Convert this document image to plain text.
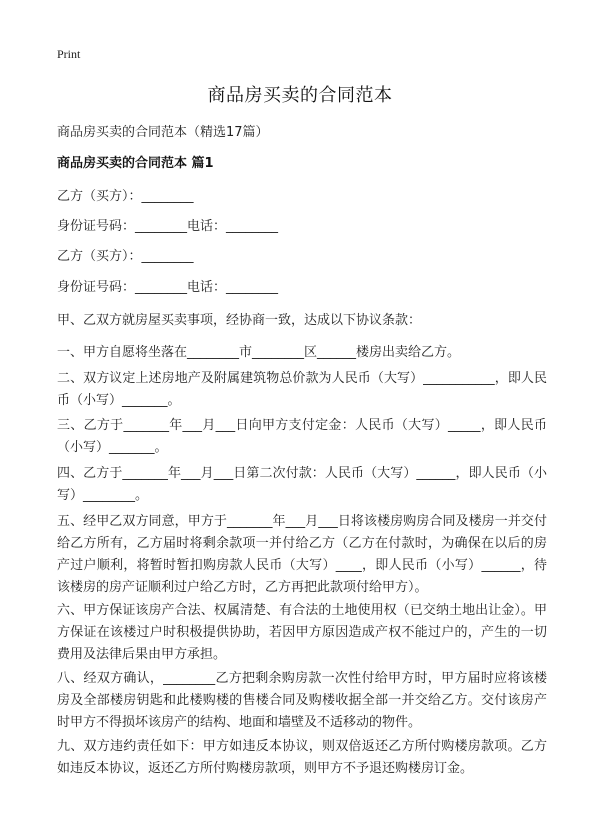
Print
商品房买卖的合同范本
商品房买卖的合同范本（精选17篇）
商品房买卖的合同范本 篇1
乙方（买方）：________
身份证号码：________电话：________
乙方（买方）：________
身份证号码：________电话：________
甲、乙双方就房屋买卖事项，经协商一致，达成以下协议条款：
一、甲方自愿将坐落在________市________区______楼房出卖给乙方。
二、双方议定上述房地产及附属建筑物总价款为人民币（大写）___________，即人民币（小写）_______。
三、乙方于_______年___月___日向甲方支付定金：人民币（大写）_____，即人民币（小写）_______。
四、乙方于_______年___月___日第二次付款：人民币（大写）______，即人民币（小写）________。
五、经甲乙双方同意，甲方于_______年___月___日将该楼房购房合同及楼房一并交付给乙方所有，乙方届时将剩余款项一并付给乙方（乙方在付款时，为确保在以后的房产过户顺利，将暂时暂扣购房款人民币（大写）____，即人民币（小写）______，待该楼房的房产证顺利过户给乙方时，乙方再把此款项付给甲方）。
六、甲方保证该房产合法、权属清楚、有合法的土地使用权（已交纳土地出让金）。甲方保证在该楼过户时积极提供协助，若因甲方原因造成产权不能过户的，产生的一切费用及法律后果由甲方承担。
八、经双方确认，________乙方把剩余购房款一次性付给甲方时，甲方届时应将该楼房及全部楼房钥匙和此楼购楼的售楼合同及购楼收据全部一并交给乙方。交付该房产时甲方不得损坏该房产的结构、地面和墙壁及不适移动的物件。
九、双方违约责任如下：甲方如违反本协议，则双倍返还乙方所付购楼房款项。乙方如违反本协议，返还乙方所付购楼房款项，则甲方不予退还购楼房订金。
